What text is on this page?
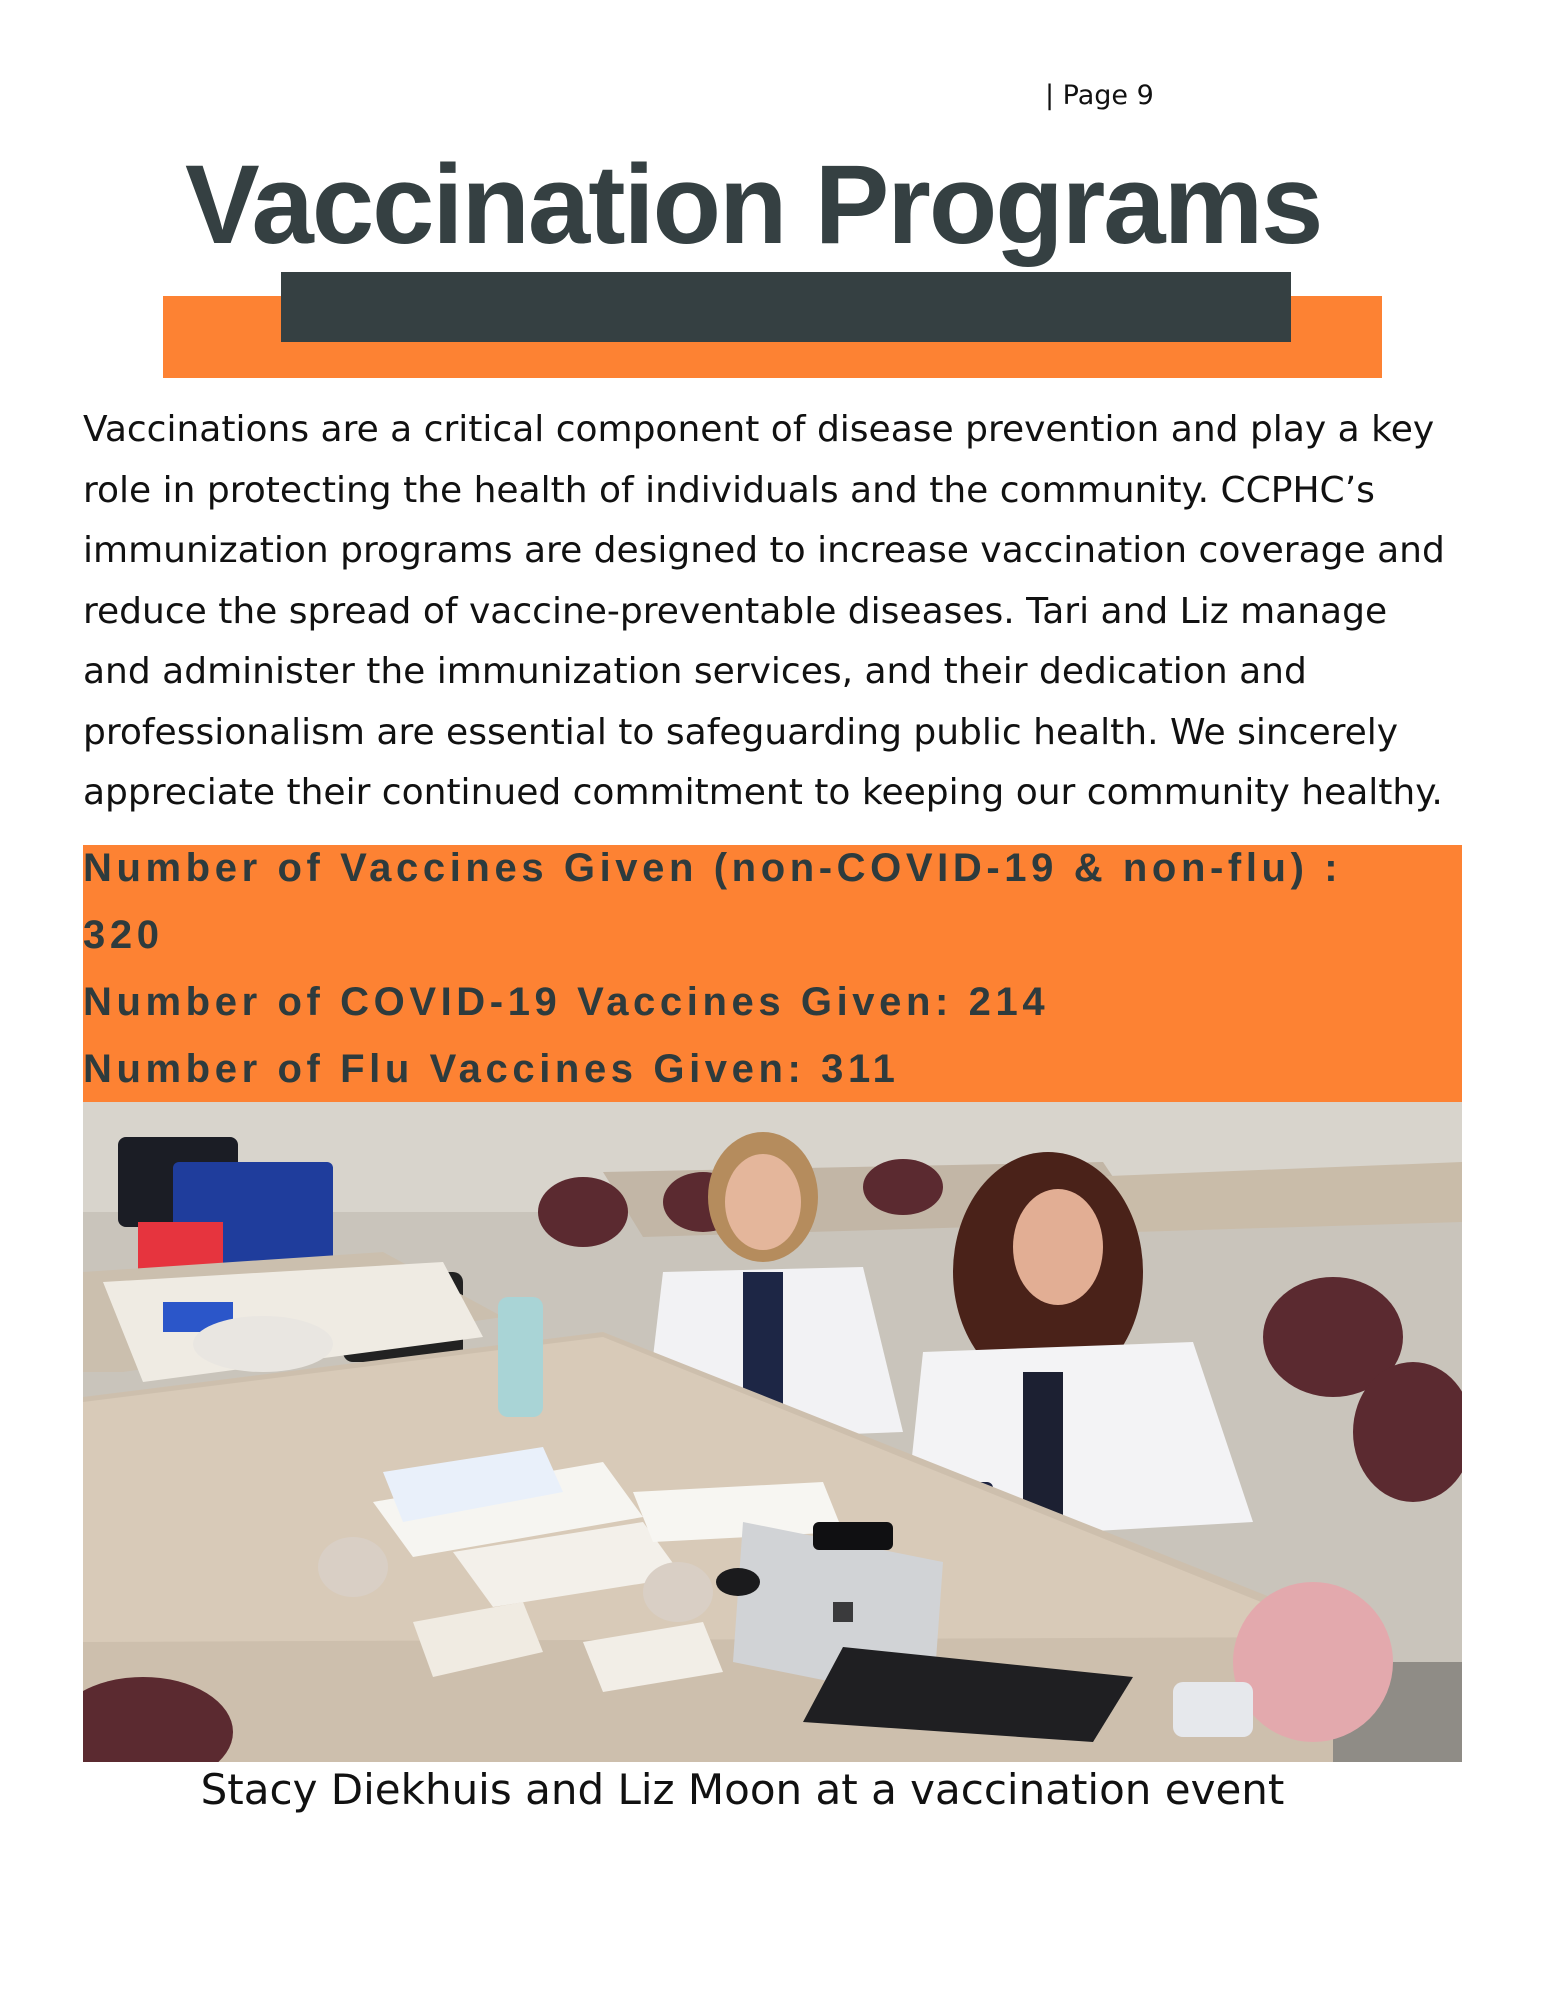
| Page 9
Vaccination Programs
Vaccinations are a critical component of disease prevention and play a key
role in protecting the health of individuals and the community. CCPHC’s
immunization programs are designed to increase vaccination coverage and
reduce the spread of vaccine-preventable diseases. Tari and Liz manage
and administer the immunization services, and their dedication and
professionalism are essential to safeguarding public health. We sincerely
appreciate their continued commitment to keeping our community healthy.
Number of Vaccines Given (non-COVID-19 & non-flu) :
320
Number of COVID-19 Vaccines Given: 214
Number of Flu Vaccines Given: 311
Stacy Diekhuis and Liz Moon at a vaccination event
